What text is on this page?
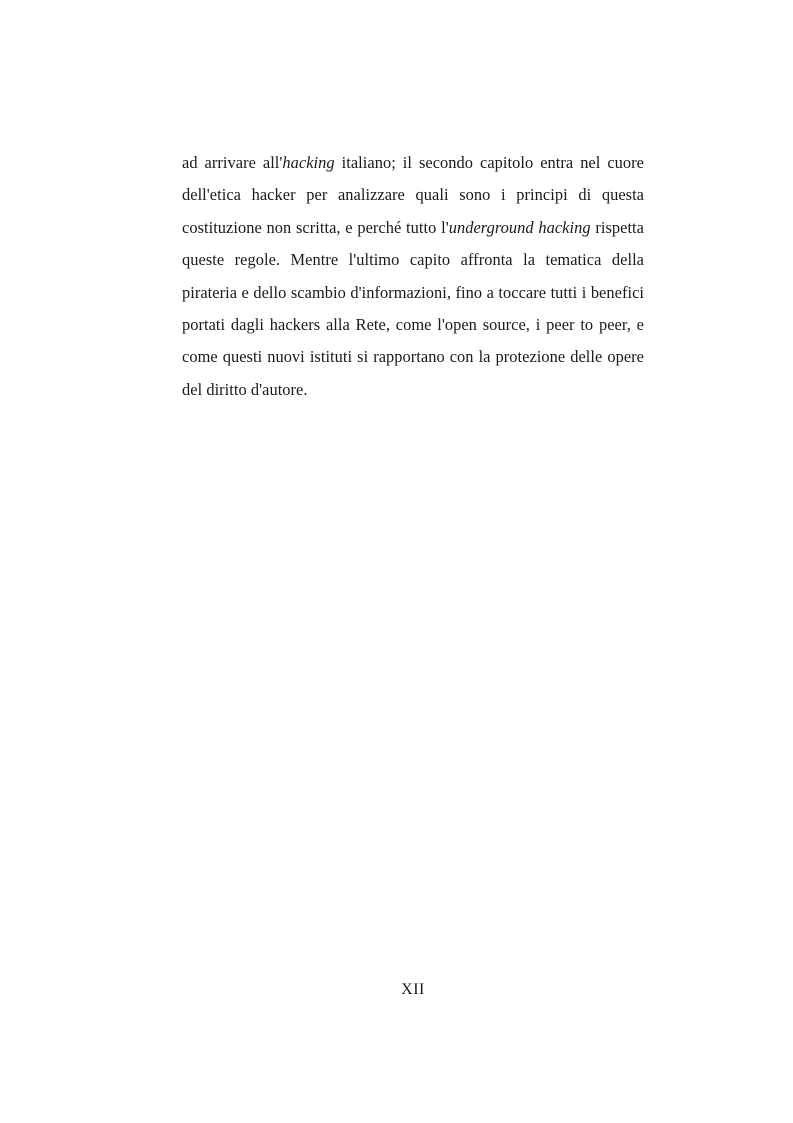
ad arrivare all'hacking italiano; il secondo capitolo entra nel cuore dell'etica hacker per analizzare quali sono i principi di questa costituzione non scritta, e perché tutto l'underground hacking rispetta queste regole. Mentre l'ultimo capito affronta la tematica della pirateria e dello scambio d'informazioni, fino a toccare tutti i benefici portati dagli hackers alla Rete, come l'open source, i peer to peer, e come questi nuovi istituti si rapportano con la protezione delle opere del diritto d'autore.

XII
